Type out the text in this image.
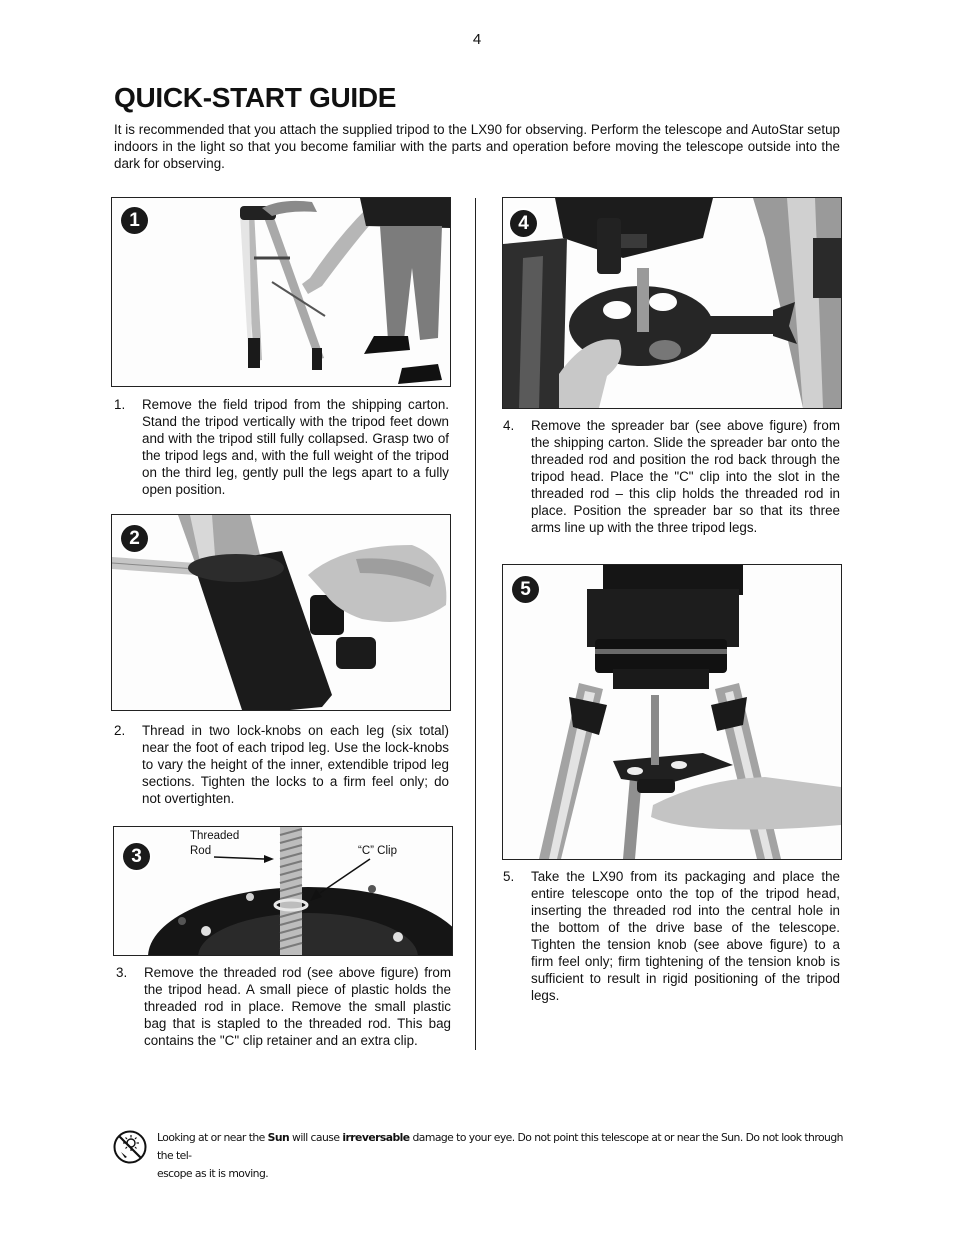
4
QUICK-START GUIDE
It is recommended that you attach the supplied tripod to the LX90 for observing. Perform the telescope and AutoStar setup indoors in the light so that you become familiar with the parts and operation before moving the telescope outside into the dark for observing.
1
1. Remove the field tripod from the shipping carton. Stand the tripod vertically with the tripod feet down and with the tripod still fully collapsed. Grasp two of the tripod legs and, with the full weight of the tripod on the third leg, gently pull the legs apart to a fully open position.
2
2. Thread in two lock-knobs on each leg (six total) near the foot of each tripod leg. Use the lock-knobs to vary the height of the inner, extendible tripod leg sections. Tighten the locks to a firm feel only; do not overtighten.
3
Threaded
Rod	“C” Clip
3. Remove the threaded rod (see above figure) from the tripod head. A small piece of plastic holds the threaded rod in place. Remove the small plastic bag that is stapled to the threaded rod. This bag contains the "C" clip retainer and an extra clip.
4
4. Remove the spreader bar (see above figure) from the shipping carton. Slide the spreader bar onto the threaded rod and position the rod back through the tripod head. Place the "C" clip into the slot in the threaded rod – this clip holds the threaded rod in place. Position the spreader bar so that its three arms line up with the three tripod legs.
5
5. Take the LX90 from its packaging and place the entire telescope onto the top of the tripod head, inserting the threaded rod into the central hole in the bottom of the drive base of the telescope. Tighten the tension knob (see above figure) to a firm feel only; firm tightening of the tension knob is sufficient to result in rigid positioning of the tripod legs.
Looking at or near the Sun will cause irreversable damage to your eye. Do not point this telescope at or near the Sun. Do not look through the tel-
escope as it is moving.
